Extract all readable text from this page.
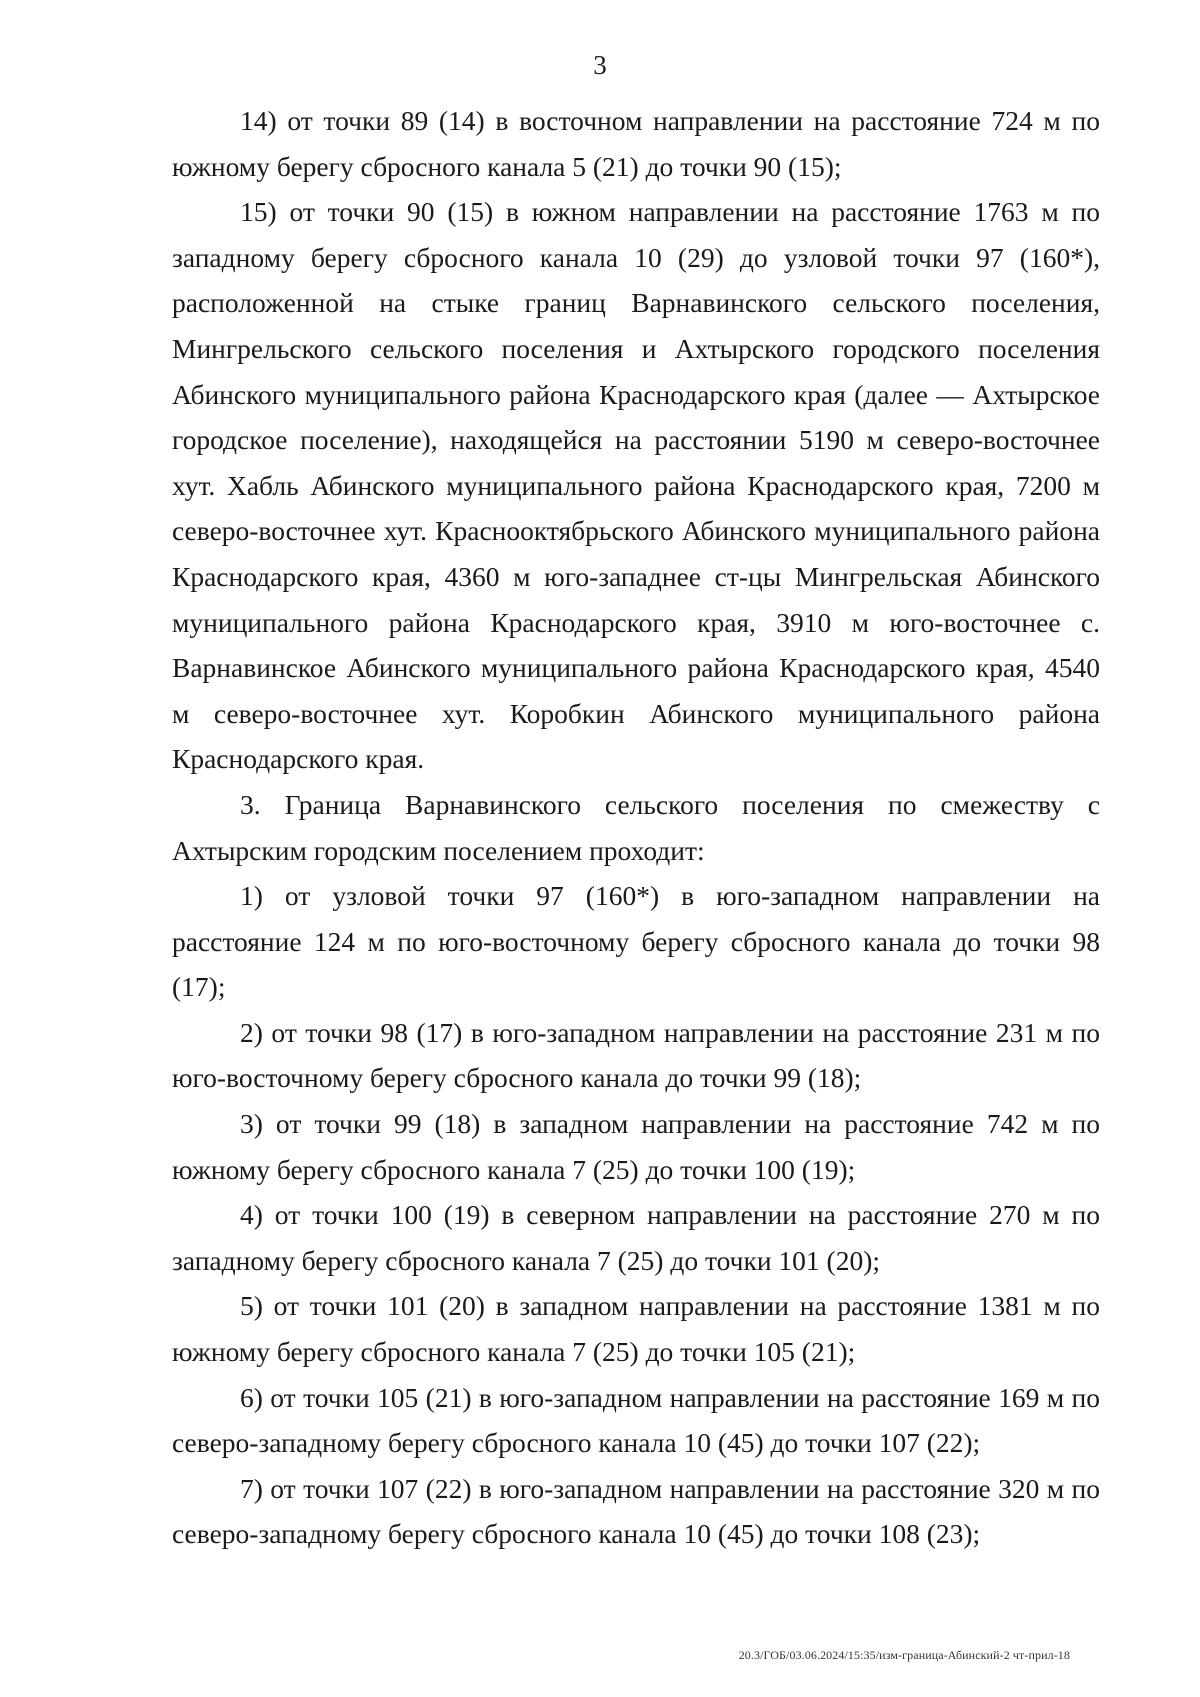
3

14) от точки 89 (14) в восточном направлении на расстояние 724 м по южному берегу сбросного канала 5 (21) до точки 90 (15);

15) от точки 90 (15) в южном направлении на расстояние 1763 м по западному берегу сбросного канала 10 (29) до узловой точки 97 (160*), расположенной на стыке границ Варнавинского сельского поселения, Мингрельского сельского поселения и Ахтырского городского поселения Абинского муниципального района Краснодарского края (далее — Ахтырское городское поселение), находящейся на расстоянии 5190 м северо-восточнее хут. Хабль Абинского муниципального района Краснодарского края, 7200 м северо-восточнее хут. Краснооктябрьского Абинского муниципального района Краснодарского края, 4360 м юго-западнее ст-цы Мингрельская Абинского муниципального района Краснодарского края, 3910 м юго-восточнее с. Варнавинское Абинского муниципального района Краснодарского края, 4540 м северо-восточнее хут. Коробкин Абинского муниципального района Краснодарского края.

3. Граница Варнавинского сельского поселения по смежеству с Ахтырским городским поселением проходит:

1) от узловой точки 97 (160*) в юго-западном направлении на расстояние 124 м по юго-восточному берегу сбросного канала до точки 98 (17);

2) от точки 98 (17) в юго-западном направлении на расстояние 231 м по юго-восточному берегу сбросного канала до точки 99 (18);

3) от точки 99 (18) в западном направлении на расстояние 742 м по южному берегу сбросного канала 7 (25) до точки 100 (19);

4) от точки 100 (19) в северном направлении на расстояние 270 м по западному берегу сбросного канала 7 (25) до точки 101 (20);

5) от точки 101 (20) в западном направлении на расстояние 1381 м по южному берегу сбросного канала 7 (25) до точки 105 (21);

6) от точки 105 (21) в юго-западном направлении на расстояние 169 м по северо-западному берегу сбросного канала 10 (45) до точки 107 (22);

7) от точки 107 (22) в юго-западном направлении на расстояние 320 м по северо-западному берегу сбросного канала 10 (45) до точки 108 (23);

20.3/ГОБ/03.06.2024/15:35/изм-граница-Абинский-2 чт-прил-18
